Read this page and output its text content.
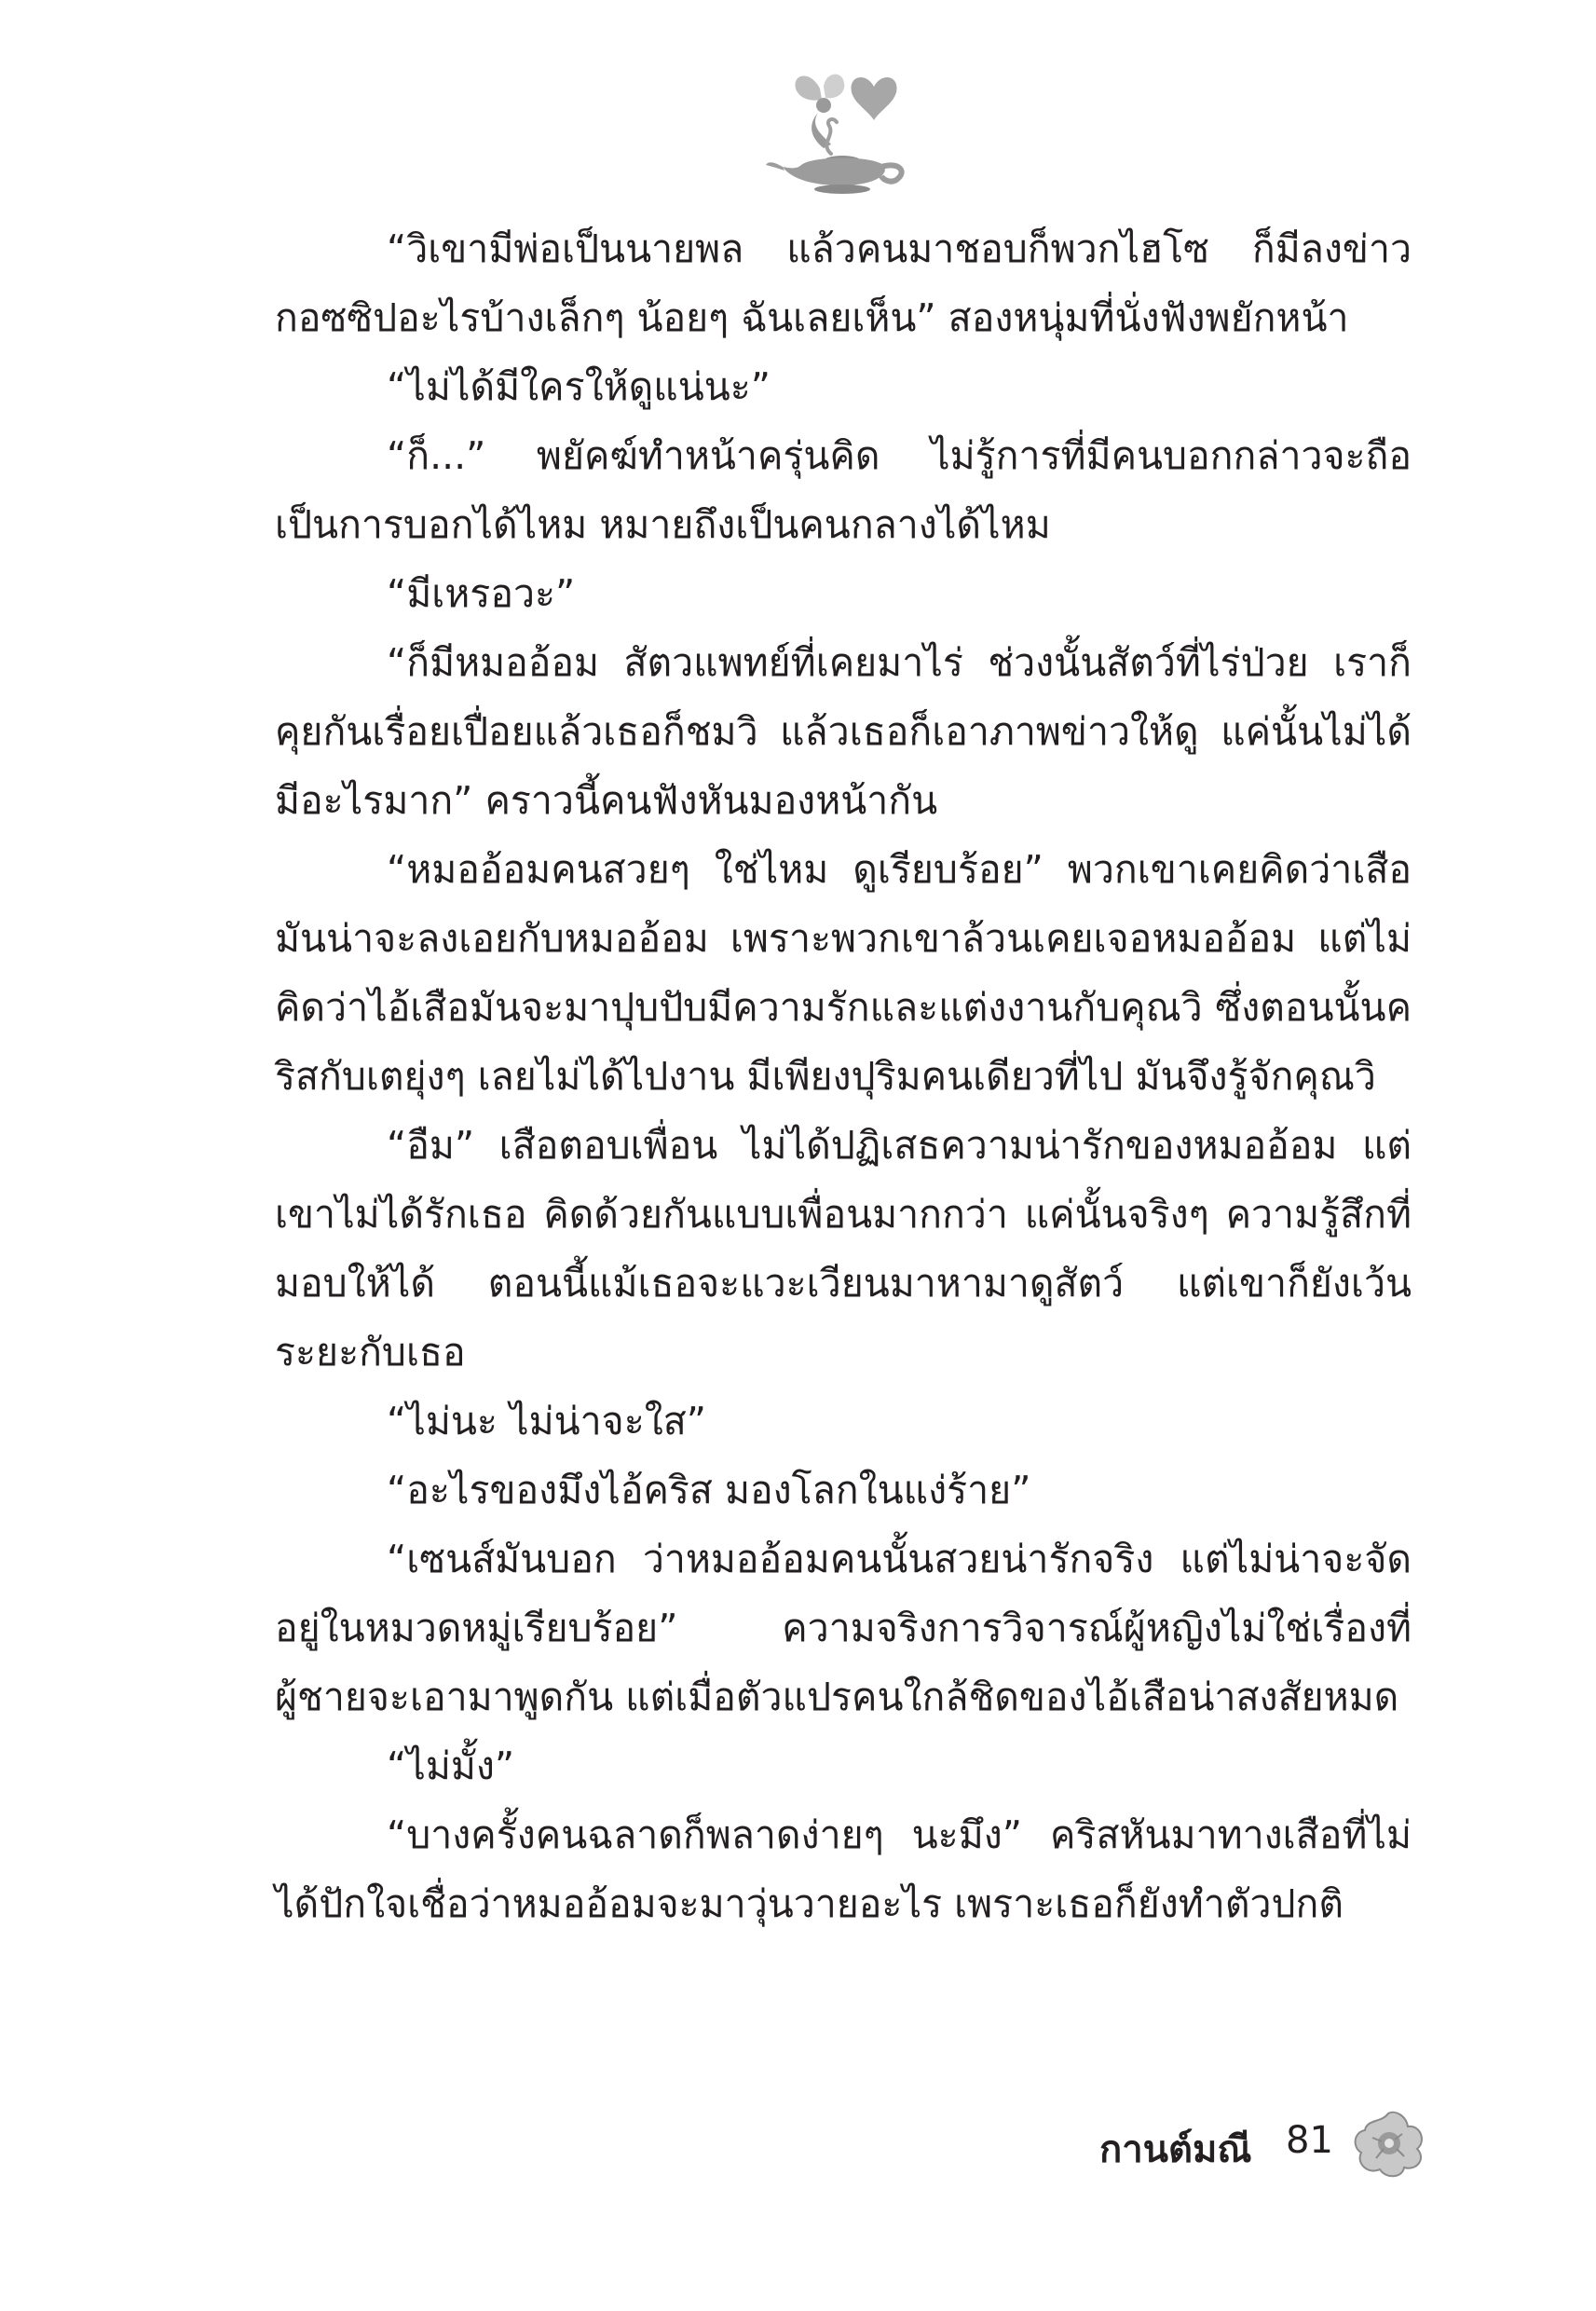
“วิเขามีพ่อเป็นนายพล แล้วคนมาชอบก็พวกไฮโซ ก็มีลงข่าวกอซซิปอะไรบ้างเล็กๆ น้อยๆ ฉันเลยเห็น” สองหนุ่มที่นั่งฟังพยักหน้า

“ไม่ได้มีใครให้ดูแน่นะ”

“ก็...” พยัคฆ์ทำหน้าครุ่นคิด ไม่รู้การที่มีคนบอกกล่าวจะถือเป็นการบอกได้ไหม หมายถึงเป็นคนกลางได้ไหม

“มีเหรอวะ”

“ก็มีหมออ้อม สัตวแพทย์ที่เคยมาไร่ ช่วงนั้นสัตว์ที่ไร่ป่วย เราก็คุยกันเรื่อยเปื่อยแล้วเธอก็ชมวิ แล้วเธอก็เอาภาพข่าวให้ดู แค่นั้นไม่ได้มีอะไรมาก” คราวนี้คนฟังหันมองหน้ากัน

“หมออ้อมคนสวยๆ ใช่ไหม ดูเรียบร้อย” พวกเขาเคยคิดว่าเสือมันน่าจะลงเอยกับหมออ้อม เพราะพวกเขาล้วนเคยเจอหมออ้อม แต่ไม่คิดว่าไอ้เสือมันจะมาปุบปับมีความรักและแต่งงานกับคุณวิ ซึ่งตอนนั้นคริสกับเตยุ่งๆ เลยไม่ได้ไปงาน มีเพียงปุริมคนเดียวที่ไป มันจึงรู้จักคุณวิ

“อืม” เสือตอบเพื่อน ไม่ได้ปฏิเสธความน่ารักของหมออ้อม แต่เขาไม่ได้รักเธอ คิดด้วยกันแบบเพื่อนมากกว่า แค่นั้นจริงๆ ความรู้สึกที่มอบให้ได้ ตอนนี้แม้เธอจะแวะเวียนมาหามาดูสัตว์ แต่เขาก็ยังเว้นระยะกับเธอ

“ไม่นะ ไม่น่าจะใส”

“อะไรของมึงไอ้คริส มองโลกในแง่ร้าย”

“เซนส์มันบอก ว่าหมออ้อมคนนั้นสวยน่ารักจริง แต่ไม่น่าจะจัดอยู่ในหมวดหมู่เรียบร้อย” ความจริงการวิจารณ์ผู้หญิงไม่ใช่เรื่องที่ผู้ชายจะเอามาพูดกัน แต่เมื่อตัวแปรคนใกล้ชิดของไอ้เสือน่าสงสัยหมด

“ไม่มั้ง”

“บางครั้งคนฉลาดก็พลาดง่ายๆ นะมึง” คริสหันมาทางเสือที่ไม่ได้ปักใจเชื่อว่าหมออ้อมจะมาวุ่นวายอะไร เพราะเธอก็ยังทำตัวปกติ

กานต์มณี 81
